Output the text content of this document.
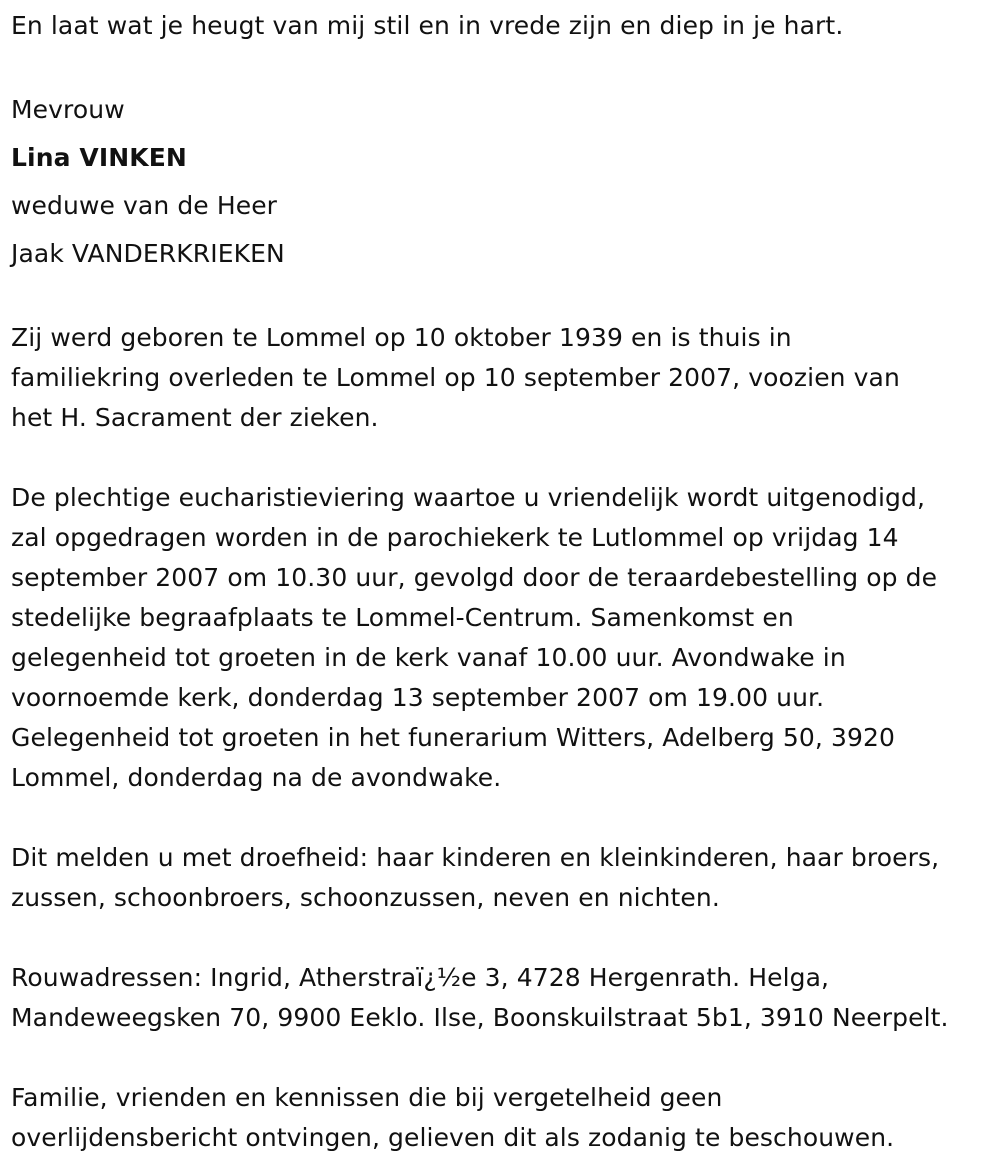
En laat wat je heugt van mij stil en in vrede zijn en diep in je hart.

Mevrouw

Lina VINKEN

weduwe van de Heer

Jaak VANDERKRIEKEN

Zij werd geboren te Lommel op 10 oktober 1939 en is thuis in

familiekring overleden te Lommel op 10 september 2007, voozien van

het H. Sacrament der zieken.

De plechtige eucharistieviering waartoe u vriendelijk wordt uitgenodigd,

zal opgedragen worden in de parochiekerk te Lutlommel op vrijdag 14

september 2007 om 10.30 uur, gevolgd door de teraardebestelling op de

stedelijke begraafplaats te Lommel-Centrum. Samenkomst en

gelegenheid tot groeten in de kerk vanaf 10.00 uur. Avondwake in

voornoemde kerk, donderdag 13 september 2007 om 19.00 uur.

Gelegenheid tot groeten in het funerarium Witters, Adelberg 50, 3920

Lommel, donderdag na de avondwake.

Dit melden u met droefheid: haar kinderen en kleinkinderen, haar broers,

zussen, schoonbroers, schoonzussen, neven en nichten.

Rouwadressen: Ingrid, Atherstraï¿½e 3, 4728 Hergenrath. Helga,

Mandeweegsken 70, 9900 Eeklo. Ilse, Boonskuilstraat 5b1, 3910 Neerpelt.

Familie, vrienden en kennissen die bij vergetelheid geen

overlijdensbericht ontvingen, gelieven dit als zodanig te beschouwen.
